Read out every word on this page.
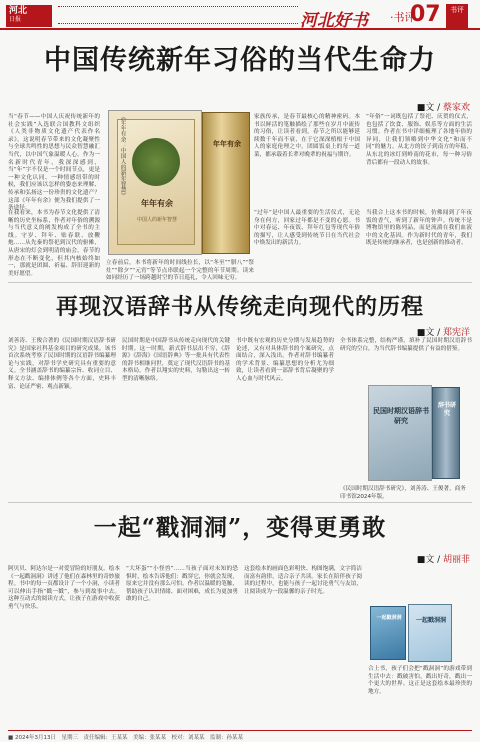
河北
日报	河北好书 ·书评
07	书评
中国传统新年习俗的当代生命力
■文 / 蔡家欢
当“春节——中国人庆祝传统新年的社会实践”入选联合国教科文组织《人类非物质文化遗产代表作名录》，这说明春节带来的文化凝聚性与全球共鸣性的思想与民众智慧融汇当代，以中国气象温暖人心。作为一名新时代青年，我深深感到，当“年”字不仅是一个时间节点，更是一种文化认同、一种情感纽带的时候，我们应该以怎样的姿态来理解、传承和弘扬这一份珍贵的文化遗产？这部《年年有余》便为我们提供了一条途径。
在我看来，本书为春节文化提供了清晰的历史坐标系，作者对年俗的溯源与当代意义的阐发构成了全书的主线。守岁、拜年、贴春联、放鞭炮……从先秦的祭祀到汉代的驱傩，从唐宋的灯会到明清的庙会，春节的形态在不断变化，但其内核始终如一，那就是团圆、祈福、辞旧迎新的美好愿望。
年年有余
中国人的新年智慧
年年有余
《年年有余：中国人的新年智慧》	家族传承，是春节最核心的精神密码。本书以鲜活的笔触描绘了那些在岁月中流传的习俗，让读者看到，春节之所以能够延续数千年而不衰，在于它深深植根于中国人的家庭伦理之中。团圆饭桌上的每一道菜，都承载着长辈对晚辈的祝福与期许。
“年俗”一词既包括了祭祀、庆贺的仪式，也包括了饮食、服饰、娱乐等方面的生活习惯。作者在书中详细梳理了各地年俗的异同，让我们领略到中华文化“和而不同”的魅力。从北方的饺子到南方的年糕，从东北的冰灯到岭南的花市，每一种习俗背后都有一段动人的故事。
立春前后，本书将新年的时间线拉长，以“冬至”“腊八”“祭灶”“除夕”“元宵”等节点串联起一个完整的年节周期。读来如同经历了一场跨越时空的节日巡礼，令人回味无穷。
“过年”是中国人最重要的生活仪式，无论身在何方，回家过年都是不变的心愿。书中对春运、年夜饭、拜年红包等现代年俗的描写，让人感受到传统节日在当代社会中焕发出的新活力。
当我合上这本书的时候，仿佛闻到了年夜饭的香气，听到了新年的钟声。传统不是博物馆里的陈列品，而是流淌在我们血液中的文化基因。作为新时代的青年，我们既是传统的继承者，也是创新的推动者。
再现汉语辞书从传统走向现代的历程
■文 / 郑宪洋
刘善涛、王俊合著的《民国时期汉语辞书研究》是国家社科基金项目的研究成果。该书首次系统考察了民国时期的汉语辞书编纂理论与实践，对辞书学史研究具有重要的意义。全书涵盖辞书的编纂宗旨、收词立目、释义方法、编排体例等各个方面，史料丰富、论证严密、观点新颖。
民国时期是中国辞书从传统走向现代的关键时期。这一时期，新式辞书层出不穷，《辞源》《辞海》《国语辞典》等一批具有代表性的辞书相继问世，奠定了现代汉语辞书的基本格局。作者以翔实的史料，勾勒出这一转型的清晰脉络。
书中既有宏观的历史分期与发展趋势的论述，又有对具体辞书的个案研究，点面结合，深入浅出。作者对辞书编纂者的学术背景、编纂思想的分析尤为细致，让读者看到一部辞书背后凝聚的学人心血与时代风云。
全书体系完整，结构严谨，填补了民国时期汉语辞书研究的空白，为当代辞书编纂提供了有益的借鉴。
民国时期汉语辞书研究
辞书研究
《民国时期汉语辞书研究》，刘善涛、王俊著，商务印书馆2024年版。
一起“戳洞洞”，变得更勇敢
■文 / 胡丽菲
阿贝贝、阿达尔是一对爱冒险的好朋友。绘本《一起戳洞洞》讲述了他们在森林里的奇妙旅程。书中的每一页都设计了一个小洞，小读者可以伸出手指“戳一戳”，参与到故事中去。这种互动式的阅读方式，让孩子在游戏中收获勇气与快乐。
“大坏蛋”“小怪兽”……当孩子面对未知的恐惧时，绘本告诉他们：戳穿它，你就会发现，原来它并没有那么可怕。作者以温暖的笔触，帮助孩子认识情绪、面对困难，成长为更加勇敢的自己。
这套绘本的画面色彩明快、构图饱满，文字简洁而富有韵律，适合亲子共读。家长在陪伴孩子阅读的过程中，也能与孩子一起讨论勇气与友谊，让阅读成为一段温馨的亲子时光。
合上书，孩子们会把“戳洞洞”的游戏带到生活中去：戳破害怕，戳出好奇，戳出一个更大的世界。这正是这套绘本最珍贵的地方。
一起戳洞洞	一起戳洞洞
■ 2024年3月13日　星期三　责任编辑：王某某　美编：张某某　校对：刘某某　监制：孙某某
